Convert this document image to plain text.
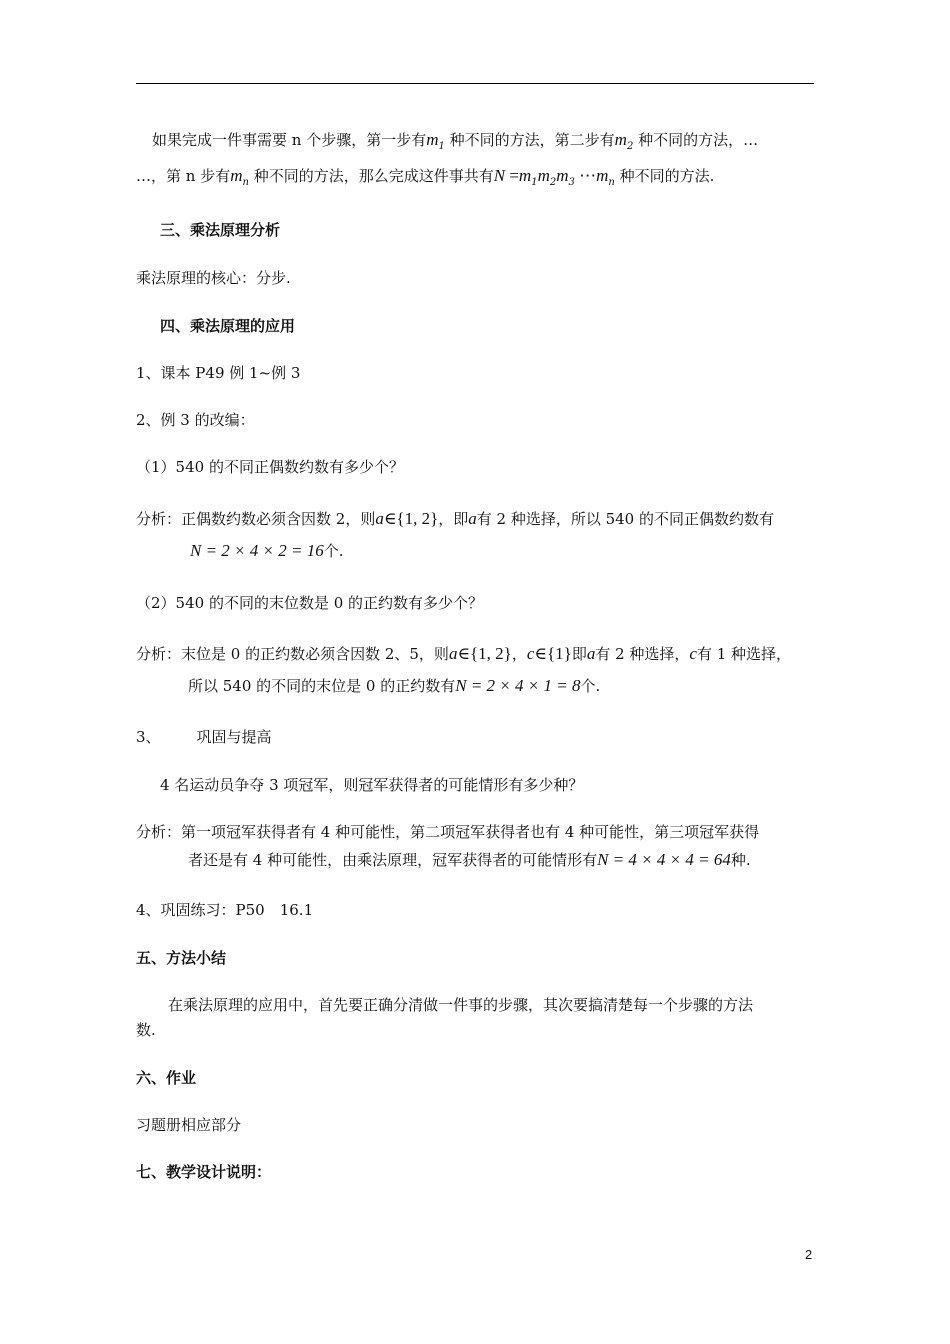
如果完成一件事需要 n 个步骤，第一步有$m_1$ 种不同的方法，第二步有$m_2$ 种不同的方法，…
…，第 n 步有$m_n$ 种不同的方法，那么完成这件事共有$N =m_1m_2m_3$ $\cdots m_n$ 种不同的方法.
三、乘法原理分析
乘法原理的核心：分步.
四、乘法原理的应用
1、课本 P49 例 1~例 3
2、例 3 的改编：
（1）540 的不同正偶数约数有多少个？
分析：正偶数约数必须含因数 2，则a∈{1, 2}，即a有 2 种选择，所以 540 的不同正偶数约数有
N = 2 × 4 × 2 = 16个.
（2）540 的不同的末位数是 0 的正约数有多少个？
分析：末位是 0 的正约数必须含因数 2、5，则a∈{1, 2}，c∈{1}即a有 2 种选择，c有 1 种选择，
所以 540 的不同的末位是 0 的正约数有N = 2 × 4 × 1 = 8个.
3、 巩固与提高
4 名运动员争夺 3 项冠军，则冠军获得者的可能情形有多少种？
分析：第一项冠军获得者有 4 种可能性，第二项冠军获得者也有 4 种可能性，第三项冠军获得
者还是有 4 种可能性，由乘法原理，冠军获得者的可能情形有N = 4 × 4 × 4 = 64种.
4、巩固练习：P50　16.1
五、方法小结
在乘法原理的应用中，首先要正确分清做一件事的步骤，其次要搞清楚每一个步骤的方法
数.
六、作业
习题册相应部分
七、教学设计说明：
2
